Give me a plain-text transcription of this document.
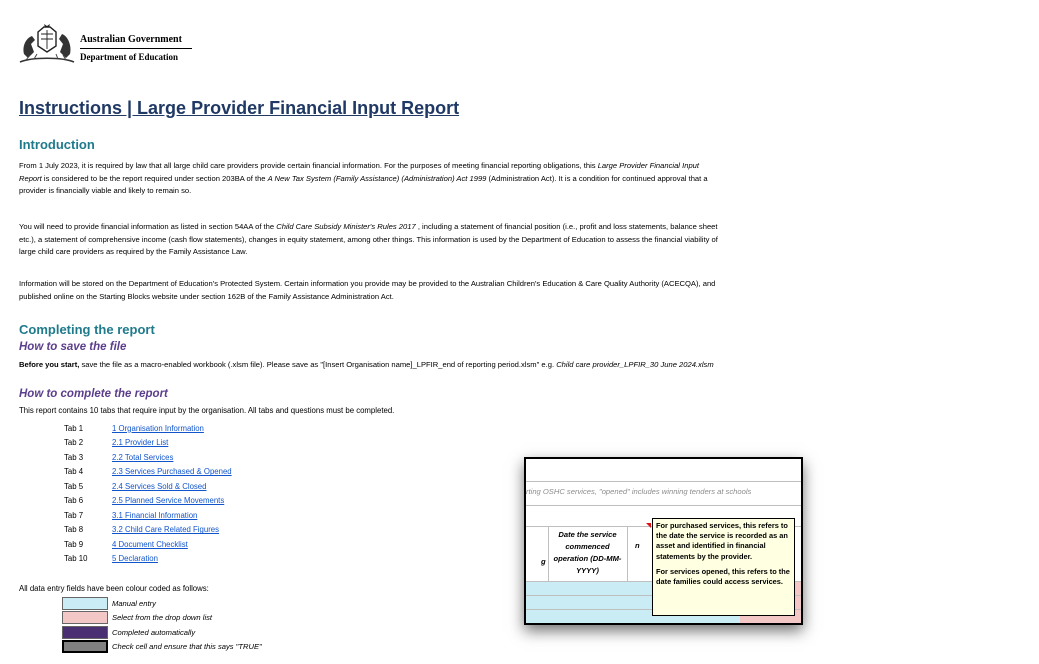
Australian Government
Department of Education
Instructions | Large Provider Financial Input Report
Introduction
From 1 July 2023, it is required by law that all large child care providers provide certain financial information. For the purposes of meeting financial reporting obligations, this Large Provider Financial Input
Report is considered to be the report required under section 203BA of the A New Tax System (Family Assistance) (Administration) Act 1999 (Administration Act). It is a condition for continued approval that a
provider is financially viable and likely to remain so.
You will need to provide financial information as listed in section 54AA of the Child Care Subsidy Minister's Rules 2017 , including a statement of financial position (i.e., profit and loss statements, balance sheet
etc.), a statement of comprehensive income (cash flow statements), changes in equity statement, among other things. This information is used by the Department of Education to assess the financial viability of
large child care providers as required by the Family Assistance Law.
Information will be stored on the Department of Education's Protected System. Certain information you provide may be provided to the Australian Children's Education & Care Quality Authority (ACECQA), and
published online on the Starting Blocks website under section 162B of the Family Assistance Administration Act.
Completing the report
How to save the file
Before you start, save the file as a macro-enabled workbook (.xlsm file). Please save as "[Insert Organisation name]_LPFIR_end of reporting period.xlsm" e.g. Child care provider_LPFIR_30 June 2024.xlsm
How to complete the report
This report contains 10 tabs that require input by the organisation. All tabs and questions must be completed.
Tab 1	1 Organisation Information
Tab 2	2.1 Provider List
Tab 3	2.2 Total Services
Tab 4	2.3 Services Purchased & Opened
Tab 5	2.4 Services Sold & Closed
Tab 6	2.5 Planned Service Movements
Tab 7	3.1 Financial Information
Tab 8	3.2 Child Care Related Figures
Tab 9	4 Document Checklist
Tab 10	5 Declaration
All data entry fields have been colour coded as follows:
Manual entry
Select from the drop down list
Completed automatically
Check cell and ensure that this says "TRUE"
rting OSHC services, "opened" includes winning tenders at schools
g
n
Date the service commenced operation (DD-MM-YYYY)

For purchased services, this refers to the date the service is recorded as an asset and identified in financial statements by the provider.

For services opened, this refers to the date families could access services.
